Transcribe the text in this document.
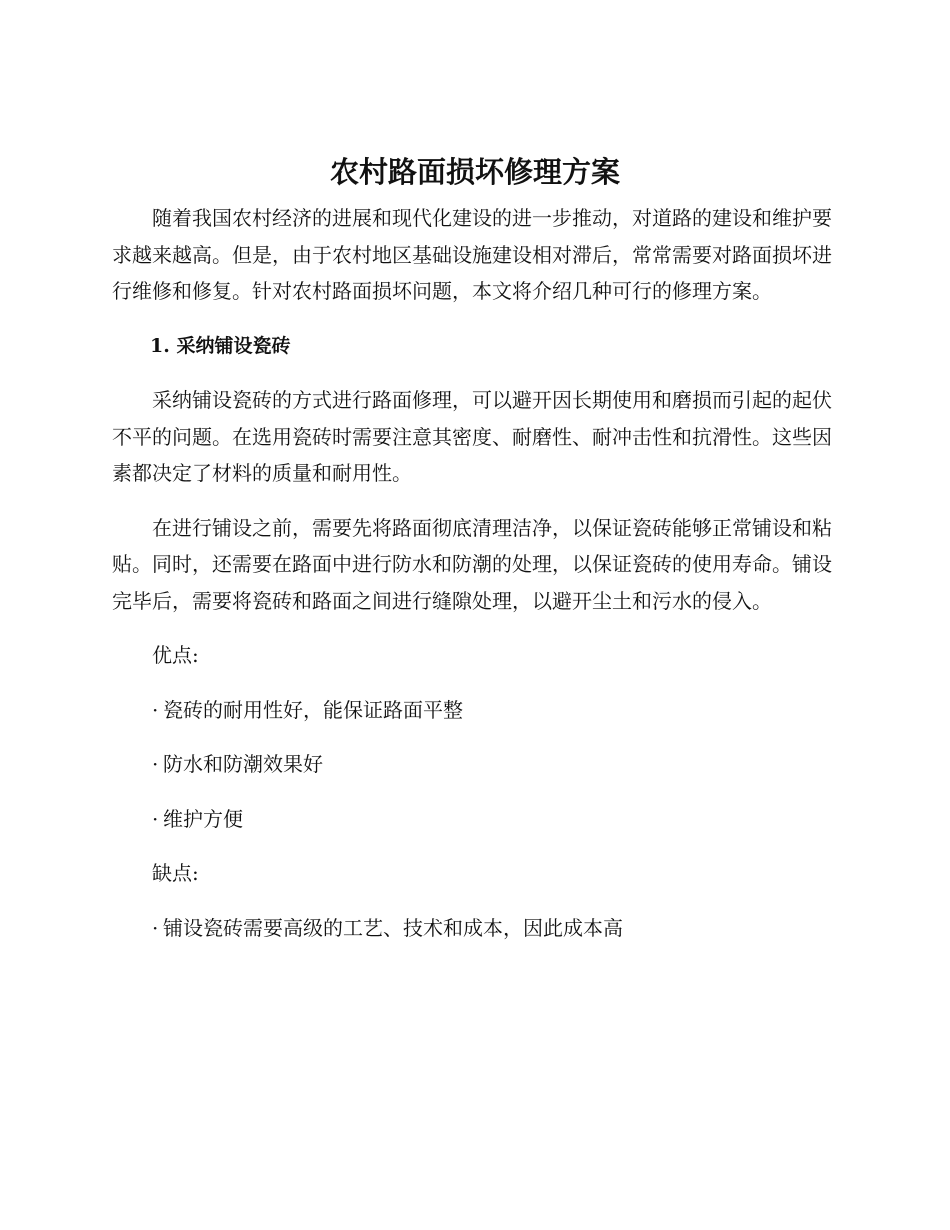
农村路面损坏修理方案

随着我国农村经济的进展和现代化建设的进一步推动，对道路的建设和维护要求越来越高。但是，由于农村地区基础设施建设相对滞后，常常需要对路面损坏进行维修和修复。针对农村路面损坏问题，本文将介绍几种可行的修理方案。

1. 采纳铺设瓷砖

采纳铺设瓷砖的方式进行路面修理，可以避开因长期使用和磨损而引起的起伏不平的问题。在选用瓷砖时需要注意其密度、耐磨性、耐冲击性和抗滑性。这些因素都决定了材料的质量和耐用性。

在进行铺设之前，需要先将路面彻底清理洁净，以保证瓷砖能够正常铺设和粘贴。同时，还需要在路面中进行防水和防潮的处理，以保证瓷砖的使用寿命。铺设完毕后，需要将瓷砖和路面之间进行缝隙处理，以避开尘土和污水的侵入。

优点:

· 瓷砖的耐用性好，能保证路面平整

· 防水和防潮效果好

· 维护方便

缺点:

· 铺设瓷砖需要高级的工艺、技术和成本，因此成本高
